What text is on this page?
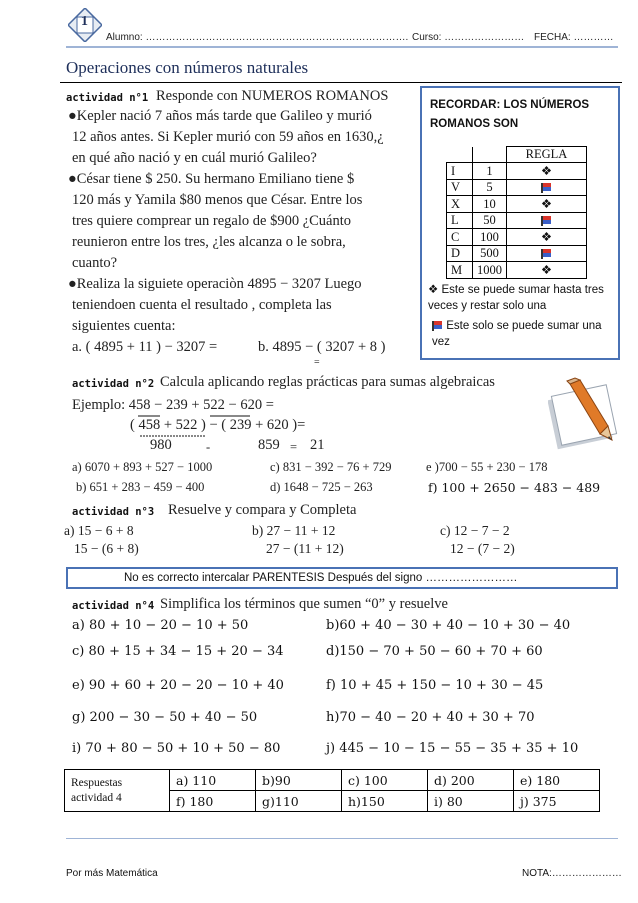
1
Alumno: ……………………………………………………………………. Curso: …………………… FECHA: …………
Operaciones con números naturales
actividad n°1 Responde con NUMEROS ROMANOS
●Kepler nació 7 años más tarde que Galileo y murió
12 años antes. Si Kepler murió con 59 años en 1630,¿
en qué año nació y en cuál murió Galileo?
●César tiene $ 250. Su hermano Emiliano tiene $
120 más y Yamila $80 menos que César. Entre los
tres quiere comprear un regalo de $900 ¿Cuánto
reunieron entre los tres, ¿les alcanza o le sobra,
cuanto?
●Realiza la siguiete operaciòn 4895 − 3207 Luego
teniendoen cuenta el resultado , completa las
siguientes cuenta:
a. ( 4895 + 11 ) − 3207 =	b. 4895 − ( 3207 + 8 )
=
RECORDAR: LOS NÚMEROS ROMANOS SON
		REGLA
I	1	❖
V	5	

X	10	❖
L	50	

C	100	❖
D	500	

M	1000	❖
❖ Este se puede sumar hasta tres veces y restar solo una
Este solo se puede sumar una vez
actividad n°2 Calcula aplicando reglas prácticas para sumas algebraicas
Ejemplo: 458 − 239 + 522 − 620 =
( 458 + 522 ) − ( 239 + 620 )=
980	-	859 = 21
a) 6070 + 893 + 527 − 1000	c) 831 − 392 − 76 + 729	e )700 − 55 + 230 − 178
b) 651 + 283 − 459 − 400	d) 1648 − 725 − 263	f) 100 + 2650 − 483 − 489
actividad n°3 Resuelve y compara y Completa
a) 15 − 6 + 8	b) 27 − 11 + 12	c) 12 − 7 − 2
15 − (6 + 8)	27 − (11 + 12)	12 − (7 − 2)
No es correcto intercalar PARENTESIS Después del signo ……………………
actividad n°4 Simplifica los términos que sumen “0” y resuelve
a) 80 + 10 − 20 − 10 + 50	b)60 + 40 − 30 + 40 − 10 + 30 − 40
c) 80 + 15 + 34 − 15 + 20 − 34	d)150 − 70 + 50 − 60 + 70 + 60
e) 90 + 60 + 20 − 20 − 10 + 40	f) 10 + 45 + 150 − 10 + 30 − 45
g) 200 − 30 − 50 + 40 − 50	h)70 − 40 − 20 + 40 + 30 + 70
i) 70 + 80 − 50 + 10 + 50 − 80	j) 445 − 10 − 15 − 55 − 35 + 35 + 10
Respuestas
actividad 4	a) 110	b)90	c) 100	d) 200	e) 180
	f) 180	g)110	h)150	i) 80	j) 375
Por más Matemática	NOTA:…………………
